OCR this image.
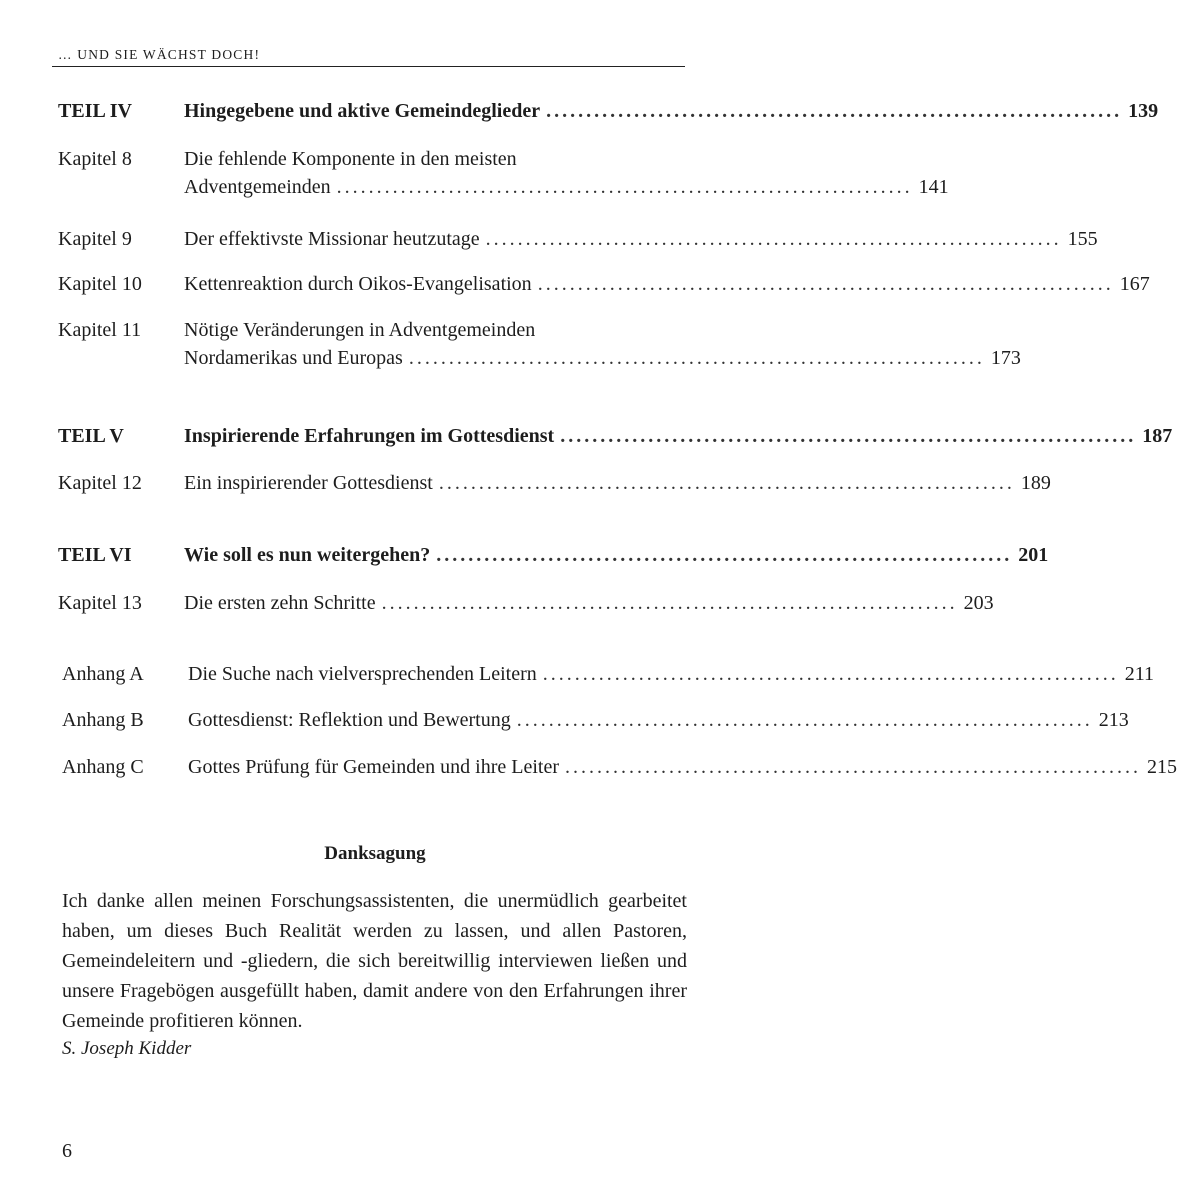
… UND SIE WÄCHST DOCH!
TEIL IV	Hingegebene und aktive Gemeindeglieder ........................................................................ 139
Kapitel 8	Die fehlende Komponente in den meisten
Adventgemeinden ........................................................................ 141
Kapitel 9	Der effektivste Missionar heutzutage ........................................................................ 155
Kapitel 10 Kettenreaktion durch Oikos-Evangelisation ........................................................................ 167
Kapitel 11 Nötige Veränderungen in Adventgemeinden
Nordamerikas und Europas ........................................................................ 173
TEIL V	Inspirierende Erfahrungen im Gottesdienst ........................................................................ 187
Kapitel 12 Ein inspirierender Gottesdienst ........................................................................ 189
TEIL VI	Wie soll es nun weitergehen? ........................................................................ 201
Kapitel 13 Die ersten zehn Schritte ........................................................................ 203
Anhang A Die Suche nach vielversprechenden Leitern ........................................................................ 211
Anhang B Gottesdienst: Reflektion und Bewertung ........................................................................ 213
Anhang C Gottes Prüfung für Gemeinden und ihre Leiter ........................................................................ 215
Danksagung
Ich danke allen meinen Forschungsassistenten, die unermüdlich gearbeitet haben, um dieses Buch Realität werden zu lassen, und allen Pastoren, Gemeindeleitern und -gliedern, die sich bereitwillig interviewen ließen und unsere Fragebögen ausgefüllt haben, damit andere von den Erfahrungen ihrer Gemeinde profitieren können.
S. Joseph Kidder
6
